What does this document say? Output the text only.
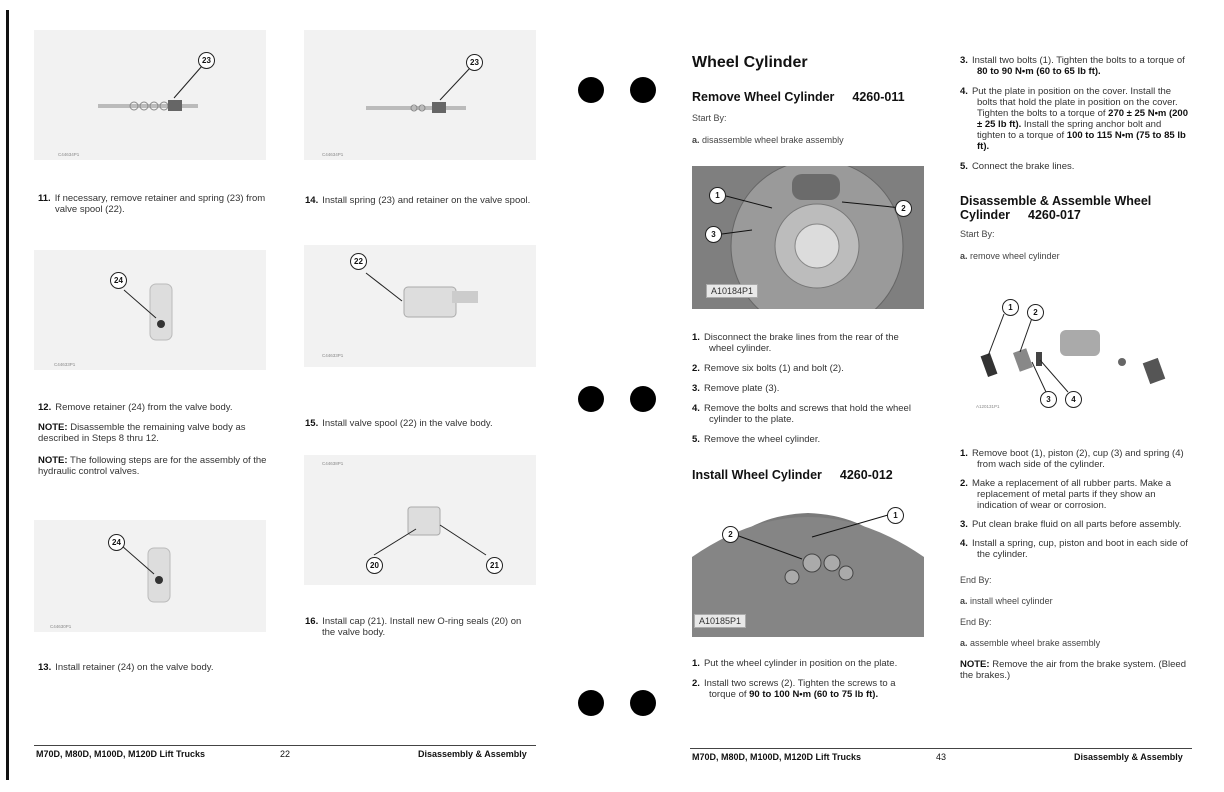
23
C44634P1
11. If necessary, remove retainer and spring (23) from valve spool (22).
24
C44633P1
12. Remove retainer (24) from the valve body.
NOTE: Disassemble the remaining valve body as described in Steps 8 thru 12.
NOTE: The following steps are for the assembly of the hydraulic control valves.
24
C44630P1
13. Install retainer (24) on the valve body.
23
C44634P1
14. Install spring (23) and retainer on the valve spool.
22
C44633P1
15. Install valve spool (22) in the valve body.
C44638P1
20	21
16. Install cap (21). Install new O-ring seals (20) on the valve body.
M70D, M80D, M100D, M120D Lift Trucks	22	Disassembly & Assembly
Wheel Cylinder
Remove Wheel Cylinder 4260-011
Start By:
a. disassemble wheel brake assembly
1
2
3
A10184P1
1. Disconnect the brake lines from the rear of the wheel cylinder.
2. Remove six bolts (1) and bolt (2).
3. Remove plate (3).
4. Remove the bolts and screws that hold the wheel cylinder to the plate.
5. Remove the wheel cylinder.
Install Wheel Cylinder 4260-012
2
1
A10185P1
1. Put the wheel cylinder in position on the plate.
2. Install two screws (2). Tighten the screws to a torque of 90 to 100 N•m (60 to 75 lb ft).
3. Install two bolts (1). Tighten the bolts to a torque of 80 to 90 N•m (60 to 65 lb ft).
4. Put the plate in position on the cover. Install the bolts that hold the plate in position on the cover. Tighten the bolts to a torque of 270 ± 25 N•m (200 ± 25 lb ft). Install the spring anchor bolt and tighten to a torque of 100 to 115 N•m (75 to 85 lb ft).
5. Connect the brake lines.
Disassemble & Assemble Wheel Cylinder 4260-017
Start By:
a. remove wheel cylinder
1
2
3	4
A120131P1
1. Remove boot (1), piston (2), cup (3) and spring (4) from wach side of the cylinder.
2. Make a replacement of all rubber parts. Make a replacement of metal parts if they show an indication of wear or corrosion.
3. Put clean brake fluid on all parts before assembly.
4. Install a spring, cup, piston and boot in each side of the cylinder.
End By:
a. install wheel cylinder
End By:
a. assemble wheel brake assembly
NOTE: Remove the air from the brake system. (Bleed the brakes.)
M70D, M80D, M100D, M120D Lift Trucks	43	Disassembly & Assembly
